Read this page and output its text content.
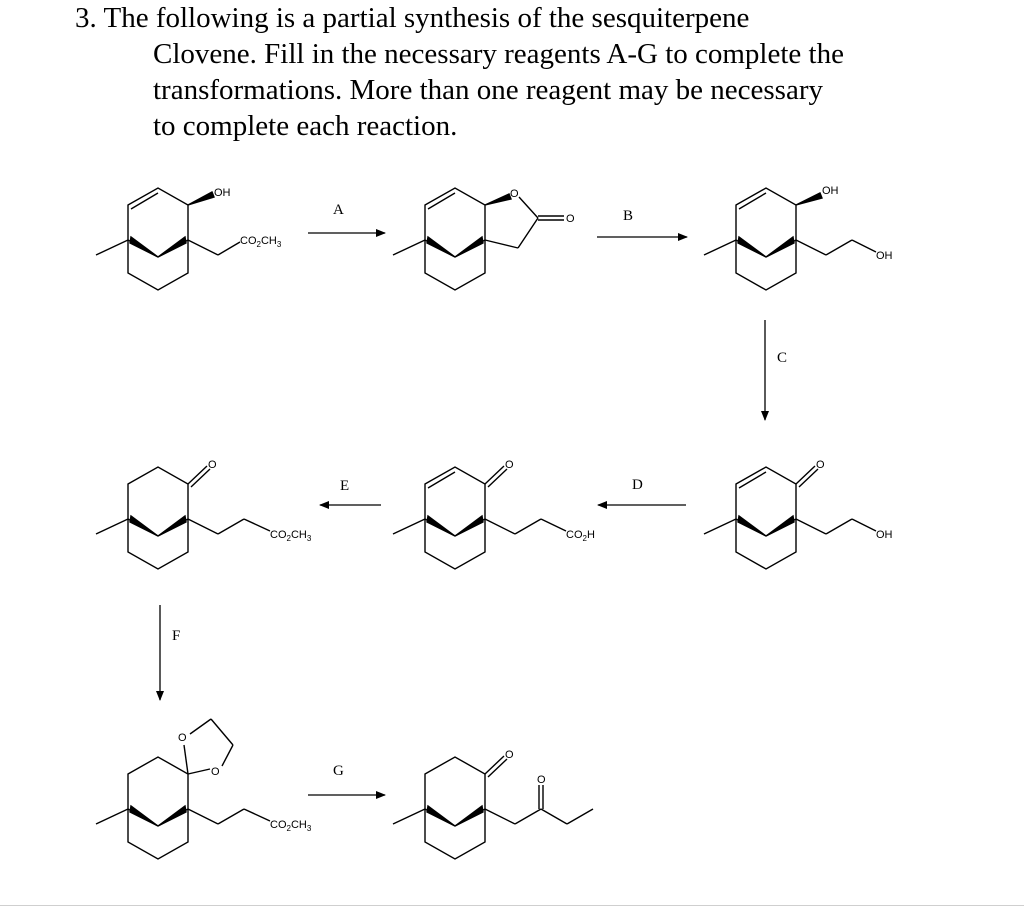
3. The following is a partial synthesis of the sesquiterpene
Clovene. Fill in the necessary reagents A-G to complete the
transformations. More than one reagent may be necessary
to complete each reaction.
OH
$CO_2CH_3$
A
O
O	B
OH
OH
C
O
OH
D
O
$CO_2H$
E
O
$CO_2CH_3$
F
O
O
$CO_2CH_3$
G
O
O
